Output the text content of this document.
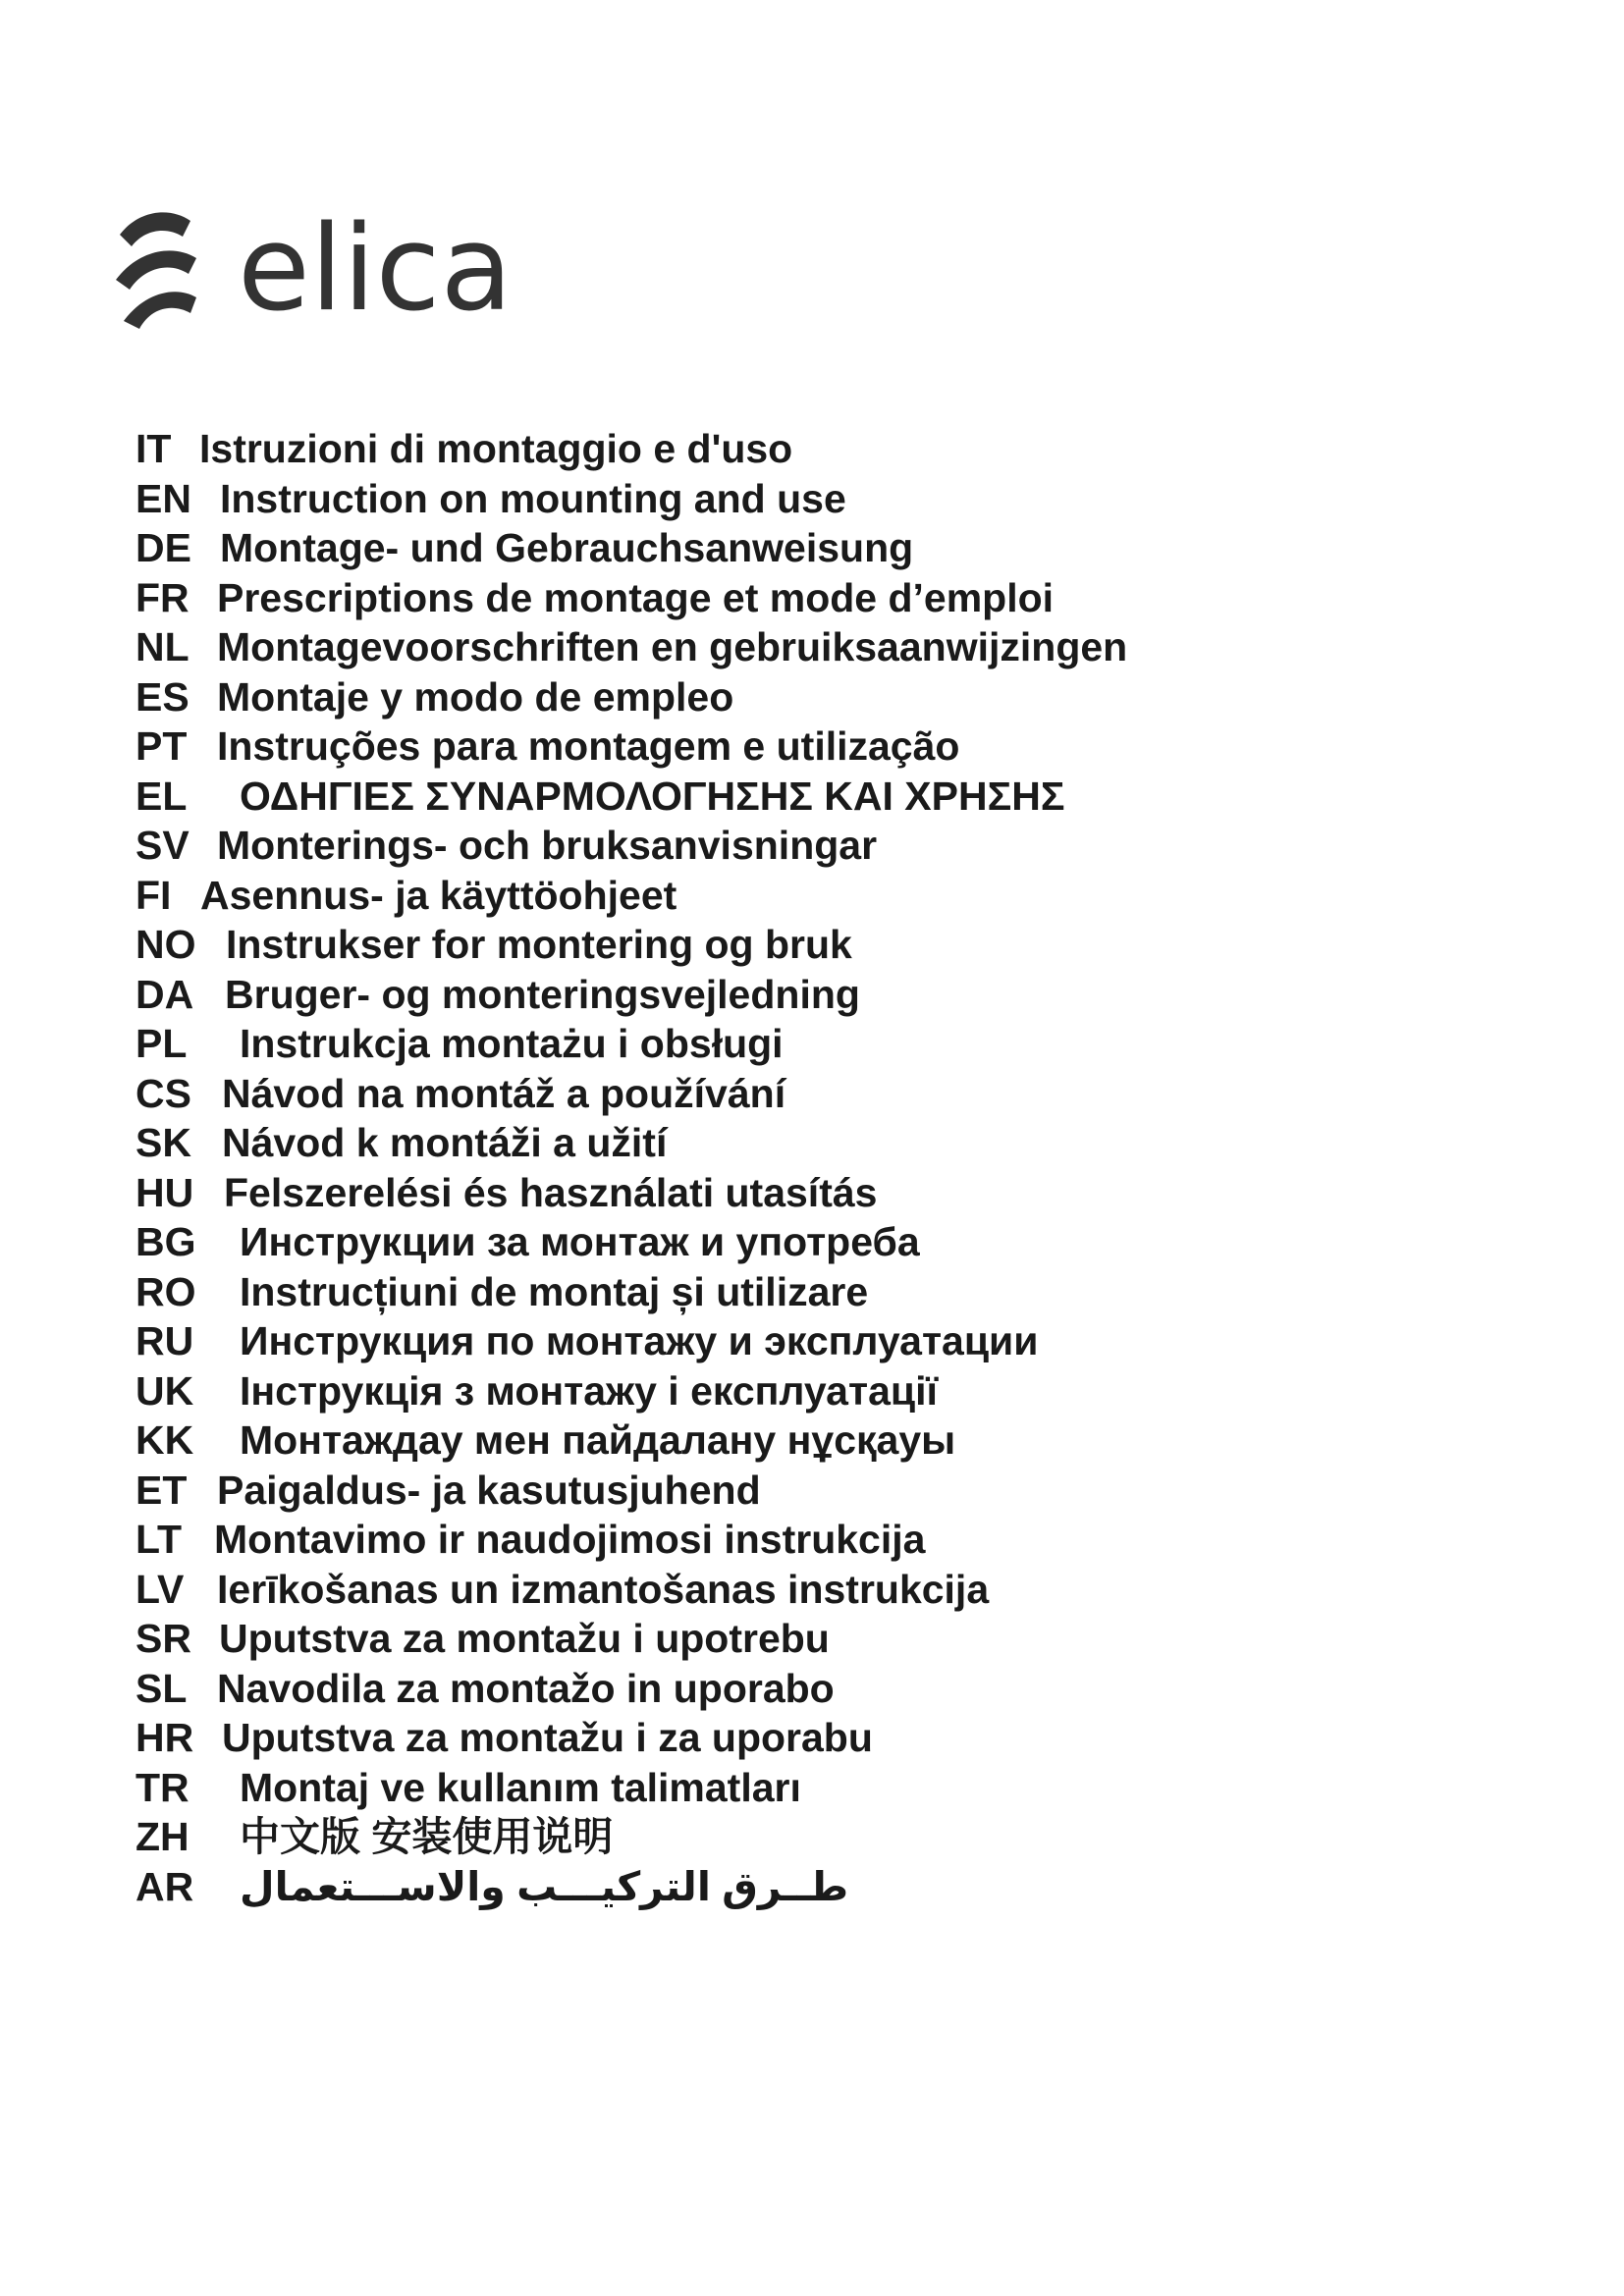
elica
IT Istruzioni di montaggio e d'uso
EN Instruction on mounting and use
DE Montage- und Gebrauchsanweisung
FR Prescriptions de montage et mode d’emploi
NL Montagevoorschriften en gebruiksaanwijzingen
ES Montaje y modo de empleo
PT Instruções para montagem e utilização
EL ΟΔΗΓΙΕΣ ΣΥΝΑΡΜΟΛΟΓΗΣΗΣ ΚΑΙ ΧΡΗΣΗΣ
SV Monterings- och bruksanvisningar
FI Asennus- ja käyttöohjeet
NO Instrukser for montering og bruk
DA Bruger- og monteringsvejledning
PL Instrukcja montażu i obsługi
CS Návod na montáž a používání
SK Návod k montáži a užití
HU Felszerelési és használati utasítás
BG Инструкции за монтаж и употреба
RO Instrucțiuni de montaj și utilizare
RU Инструкция по монтажу и эксплуатации
UK Інструкція з монтажу і експлуатації
KK Монтаждау мен пайдалану нұсқауы
ET Paigaldus- ja kasutusjuhend
LT Montavimo ir naudojimosi instrukcija
LV Ierīkošanas un izmantošanas instrukcija
SR Uputstva za montažu i upotrebu
SL Navodila za montažo in uporabo
HR Uputstva za montažu i za uporabu
TR Montaj ve kullanım talimatları
ZH 中文版 安装使用说明
AR طــرق التركيـــب والاســـتعمال
